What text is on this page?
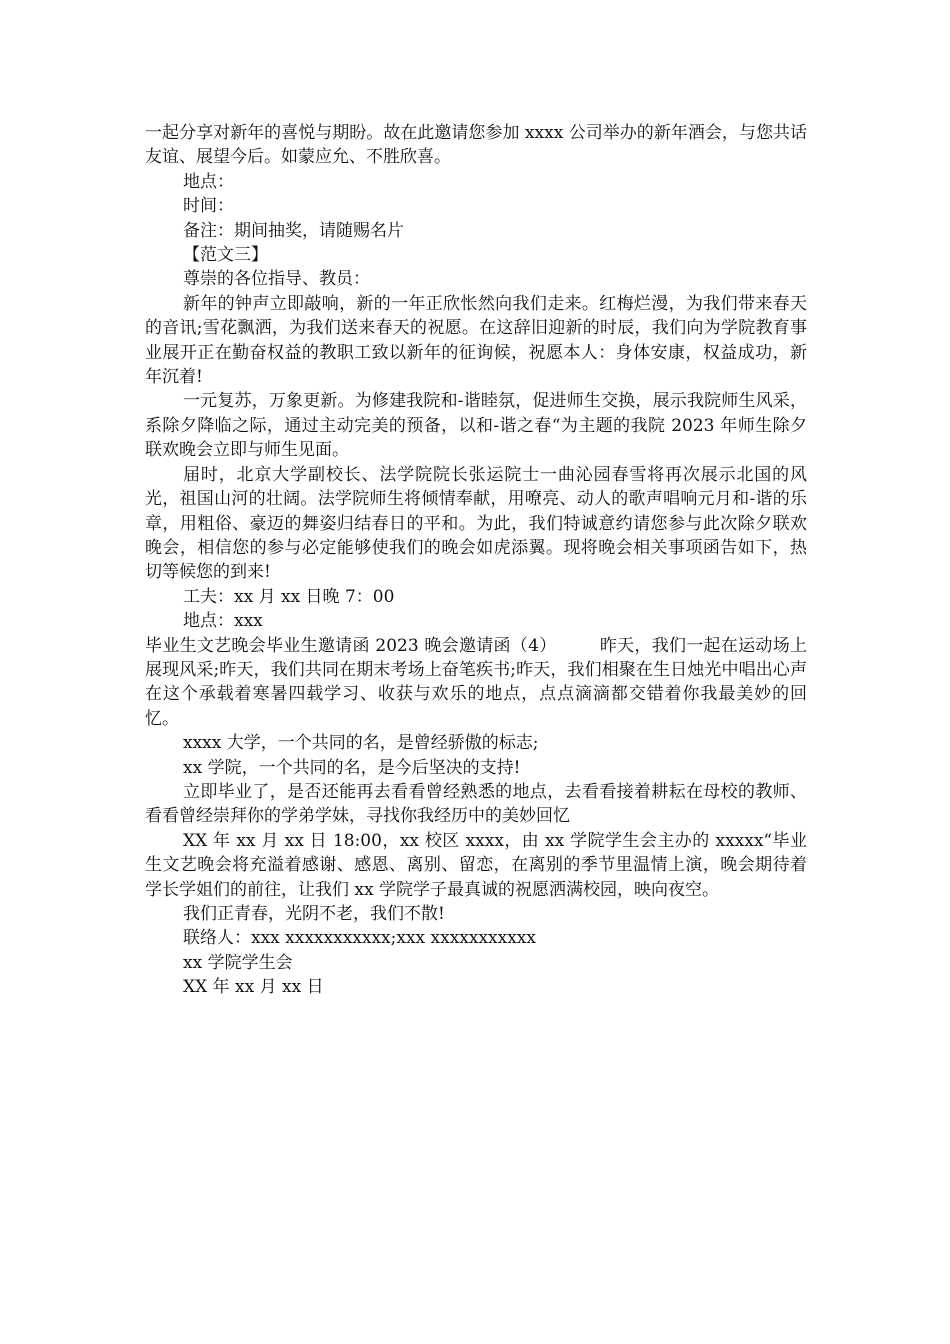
一起分享对新年的喜悦与期盼。故在此邀请您参加 xxxx 公司举办的新年酒会，与您共话友谊、展望今后。如蒙应允、不胜欣喜。

地点：

时间：

备注：期间抽奖，请随赐名片

【范文三】

尊崇的各位指导、教员：

新年的钟声立即敲响，新的一年正欣怅然向我们走来。红梅烂漫，为我们带来春天的音讯;雪花飘洒，为我们送来春天的祝愿。在这辞旧迎新的时辰，我们向为学院教育事业展开正在勤奋权益的教职工致以新年的征询候，祝愿本人：身体安康，权益成功，新年沉着!

一元复苏，万象更新。为修建我院和-谐睦氛，促进师生交换，展示我院师生风采，系除夕降临之际，通过主动完美的预备，以和-谐之春“为主题的我院 2023 年师生除夕联欢晚会立即与师生见面。

届时，北京大学副校长、法学院院长张运院士一曲沁园春雪将再次展示北国的风光，祖国山河的壮阔。法学院师生将倾情奉献，用嘹亮、动人的歌声唱响元月和-谐的乐章，用粗俗、豪迈的舞姿归结春日的平和。为此，我们特诚意约请您参与此次除夕联欢晚会，相信您的参与必定能够使我们的晚会如虎添翼。现将晚会相关事项函告如下，热切等候您的到来!

工夫：xx 月 xx 日晚 7：00

地点：xxx

毕业生文艺晚会毕业生邀请函 2023 晚会邀请函（4）　　　昨天，我们一起在运动场上展现风采;昨天，我们共同在期末考场上奋笔疾书;昨天，我们相聚在生日烛光中唱出心声在这个承载着寒暑四载学习、收获与欢乐的地点，点点滴滴都交错着你我最美妙的回忆。

xxxx 大学，一个共同的名，是曾经骄傲的标志;

xx 学院，一个共同的名，是今后坚决的支持!

立即毕业了，是否还能再去看看曾经熟悉的地点，去看看接着耕耘在母校的教师、看看曾经崇拜你的学弟学妹，寻找你我经历中的美妙回忆

XX 年 xx 月 xx 日 18:00，xx 校区 xxxx，由 xx 学院学生会主办的 xxxxx“毕业生文艺晚会将充溢着感谢、感恩、离别、留恋，在离别的季节里温情上演，晚会期待着学长学姐们的前往，让我们 xx 学院学子最真诚的祝愿洒满校园，映向夜空。

我们正青春，光阴不老，我们不散!

联络人：xxx xxxxxxxxxxx;xxx xxxxxxxxxxx

xx 学院学生会

XX 年 xx 月 xx 日
